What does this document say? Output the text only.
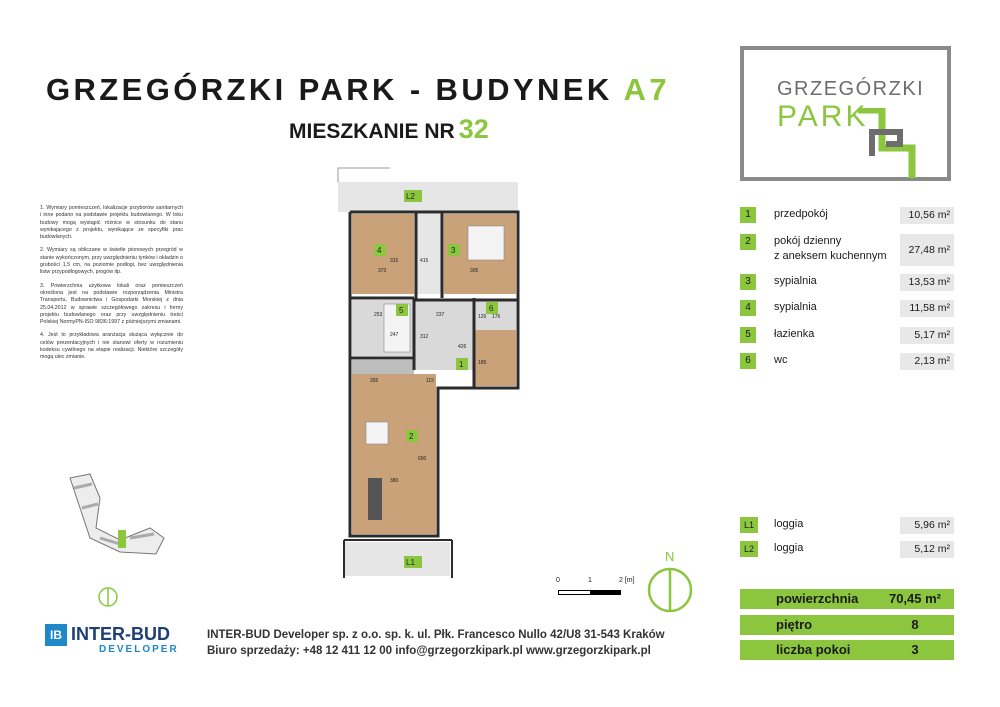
GRZEGÓRZKI PARK - BUDYNEK A7
MIESZKANIE NR 32
GRZEGÓRZKI
PARK

1. Wymiary pomieszczeń, lokalizacje przyborów sanitarnych i inne podano na podstawie projektu budowlanego. W toku budowy mogą wystąpić różnice w stosunku do stanu wynikającego z projektu, wynikające ze specyfiki prac budowlanych.

2. Wymiary są obliczane w świetle pionowych przegród w stanie wykończonym, przy uwzględnieniu tynków i okładzin o grubości 1,5 cm, na poziomie podłogi, bez uwzględnienia listw przypodłogowych, progów itp.

3. Powierzchnia użytkowa lokali oraz pomieszczeń określona jest na podstawie rozporządzenia Ministra Transportu, Budownictwa i Gospodarki Morskiej z dnia 25.04.2012 w sprawie szczegółowego zakresu i formy projektu budowlanego oraz przy uwzględnieniu treści Polskiej NormyPN-ISO 9836:1997 z późniejszymi zmianami.

4. Jest to przykładowa aranżacja służąca wyłącznie do celów prezentacyjnych i nie stanowi oferty w rozumieniu kodeksu cywilnego na etapie realizacji. Niektóre szczegóły mogą ulec zmianie.

1	przedpokój	10,56 m²
2	pokój dzienny
z aneksem kuchennym	27,48 m²
3	sypialnia	13,53 m²
4	sypialnia	11,58 m²
5	łazienka	5,17 m²
6	wc	2,13 m²
L1	loggia	5,96 m²
L2	loggia	5,12 m²
powierzchnia	70,45 m²
piętro	8
liczba pokoi	3
4	3
5	6
1
2
L1
L2
373	305
315	415
253	237	176
126
426
312
185
265	115
380
690
247
0	1	2 [m]
N
IB INTER-BUD
DEVELOPER
INTER-BUD Developer sp. z o.o. sp. k. ul. Płk. Francesco Nullo 42/U8 31-543 Kraków
Biuro sprzedaży: +48 12 411 12 00 info@grzegorzkipark.pl www.grzegorzkipark.pl
